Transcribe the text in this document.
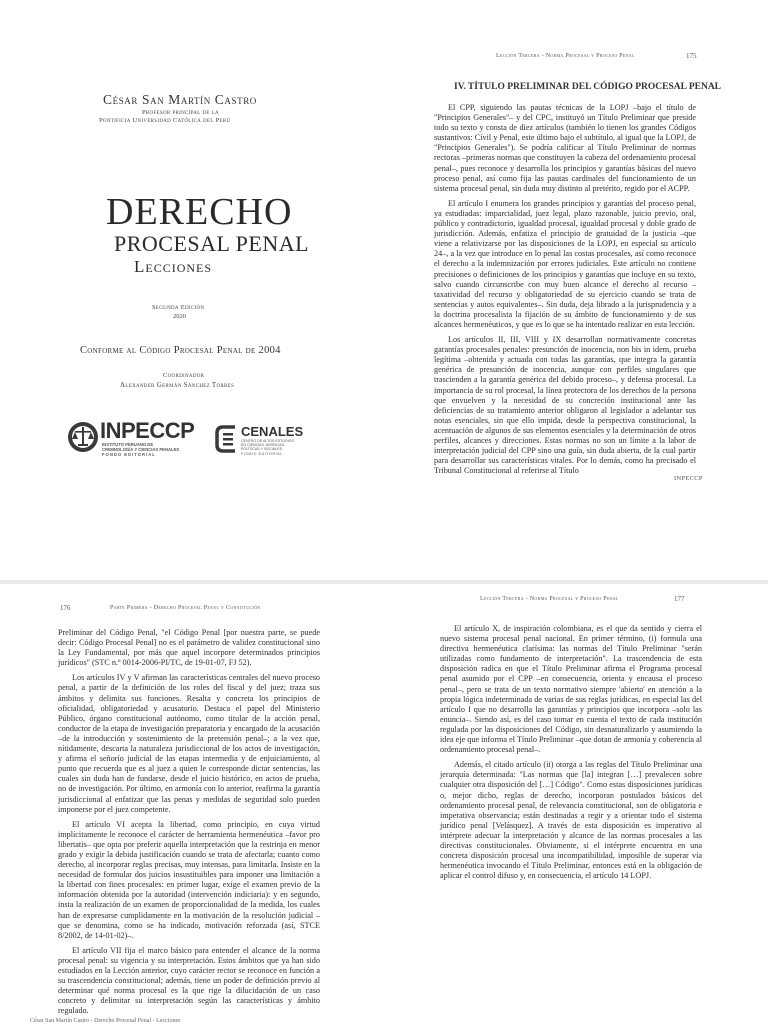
César San Martín Castro
Profesor principal de la
Pontificia Universidad Católica del Perú
DERECHO
PROCESAL PENAL
Lecciones
Segunda Edición
2020
Conforme al Código Procesal Penal de 2004
Coordinador
Alexander Germán Sánchez Torres
INPECCP
INSTITUTO PERUANO DE
CRIMINOLOGÍA Y CIENCIAS PENALES
FONDO EDITORIAL
CENALES
CENTRO DE ALTOS ESTUDIOS
EN CIENCIAS JURÍDICAS,
POLÍTICAS Y SOCIALES
FONDO EDITORIAL
Lección Tercera - Norma Procesal y Proceso Penal	175
IV. TÍTULO PRELIMINAR DEL CÓDIGO PROCESAL PENAL

El CPP, siguiendo las pautas técnicas de la LOPJ –bajo el título de "Principios Generales"– y del CPC, instituyó un Título Preliminar que preside todo su texto y consta de diez artículos (también lo tienen los grandes Códigos sustantivos: Civil y Penal, este último bajo el subtítulo, al igual que la LOPJ, de "Principios Generales"). Se podría calificar al Título Preliminar de normas rectoras –primeras normas que constituyen la cabeza del ordenamiento procesal penal–, pues reconoce y desarrolla los principios y garantías básicas del nuevo proceso penal, así como fija las pautas cardinales del funcionamiento de un sistema procesal penal, sin duda muy distinto al pretérito, regido por el ACPP.

El artículo I enumera los grandes principios y garantías del proceso penal, ya estudiadas: imparcialidad, juez legal, plazo razonable, juicio previo, oral, público y contradictorio, igualdad procesal, igualdad procesal y doble grado de jurisdicción. Además, enfatiza el principio de gratuidad de la justicia –que viene a relativizarse por las disposiciones de la LOPJ, en especial su artículo 24–, a la vez que introduce en lo penal las costas procesales, así como reconoce el derecho a la indemnización por errores judiciales. Este artículo no contiene precisiones o definiciones de los principios y garantías que incluye en su texto, salvo cuando circunscribe con muy buen alcance el derecho al recurso –taxatividad del recurso y obligatoriedad de su ejercicio cuando se trata de sentencias y autos equivalentes–. Sin duda, deja librado a la jurisprudencia y a la doctrina procesalista la fijación de su ámbito de funcionamiento y de sus alcances hermenéuticos, y que es lo que se ha intentado realizar en esta lección.

Los artículos II, III, VIII y IX desarrollan normativamente concretas garantías procesales penales: presunción de inocencia, non bis in idem, prueba legítima –obtenida y actuada con todas las garantías, que integra la garantía genérica de presunción de inocencia, aunque con perfiles singulares que trascienden a la garantía genérica del debido proceso–, y defensa procesal. La importancia de su rol procesal, la línea protectora de los derechos de la persona que envuelven y la necesidad de su concreción institucional ante las deficiencias de su tratamiento anterior obligaron al legislador a adelantar sus notas esenciales, sin que ello impida, desde la perspectiva constitucional, la acentuación de algunos de sus elementos esenciales y la determinación de otros perfiles, alcances y direcciones. Estas normas no son un límite a la labor de interpretación judicial del CPP sino una guía, sin duda abierta, de la cual partir para desarrollar sus características vitales. Por lo demás, como ha precisado el Tribunal Constitucional al referirse al Título

INPECCP
176	Parte Primera - Derecho Procesal Penal y Constitución

Preliminar del Código Penal, "el Código Penal [por nuestra parte, se puede decir: Código Procesal Penal] no es el parámetro de validez constitucional sino la Ley Fundamental, por más que aquel incorpore determinados principios jurídicos" (STC n.º 0014-2006-PI/TC, de 19-01-07, FJ 52).

Los artículos IV y V afirman las características centrales del nuevo proceso penal, a partir de la definición de los roles del fiscal y del juez; traza sus ámbitos y delimita sus funciones. Resalta y concreta los principios de oficialidad, obligatoriedad y acusatorio. Destaca el papel del Ministerio Público, órgano constitucional autónomo, como titular de la acción penal, conductor de la etapa de investigación preparatoria y encargado de la acusación –de la introducción y sostenimiento de la pretensión penal–; a la vez que, nítidamente, descarta la naturaleza jurisdiccional de los actos de investigación, y afirma el señorío judicial de las etapas intermedia y de enjuiciamiento, al punto que recuerda que es al juez a quien le corresponde dictar sentencias, las cuales sin duda han de fundarse, desde el juicio histórico, en actos de prueba, no de investigación. Por último, en armonía con lo anterior, reafirma la garantía jurisdiccional al enfatizar que las penas y medidas de seguridad solo pueden imponerse por el juez competente.

El artículo VI acepta la libertad, como principio, en cuya virtud implícitamente le reconoce el carácter de herramienta hermenéutica –favor pro libertatis– que opta por preferir aquella interpretación que la restrinja en menor grado y exigir la debida justificación cuando se trata de afectarla; cuanto como derecho, al incorporar reglas precisas, muy intensas, para limitarla. Insiste en la necesidad de formular dos juicios insustituibles para imponer una limitación a la libertad con fines procesales: en primer lugar, exige el examen previo de la información obtenida por la autoridad (intervención indiciaria): y en segundo, insta la realización de un examen de proporcionalidad de la medida, los cuales han de expresarse cumplidamente en la motivación de la resolución judicial –que se denomina, como se ha indicado, motivación reforzada (así, STCE 8/2002, de 14-01-02)–.

El artículo VII fija el marco básico para entender el alcance de la norma procesal penal: su vigencia y su interpretación. Estos ámbitos que ya han sido estudiados en la Lección anterior, cuyo carácter rector se reconoce en función a su trascendencia constitucional; además, tiene un poder de definición previo al determinar qué norma procesal es la que rige la dilucidación de un caso concreto y delimitar su interpretación según las características y ámbito regulado.

César San Martín Castro - Derecho Procesal Penal - Lecciones
Lección Tercera - Norma Procesal y Proceso Penal	177

El artículo X, de inspiración colombiana, es el que da sentido y cierra el nuevo sistema procesal penal nacional. En primer término, (i) formula una directiva hermenéutica clarísima: las normas del Título Preliminar "serán utilizadas como fundamento de interpretación". La trascendencia de esta disposición radica en que el Título Preliminar afirma el Programa procesal penal asumido por el CPP –en consecuencia, orienta y encausa el proceso penal–, pero se trata de un texto normativo siempre 'abierto' en atención a la propia lógica indeterminada de varias de sus reglas jurídicas, en especial las del artículo I que no desarrolla las garantías y principios que incorpora –solo las enuncia–. Siendo así, es del caso tomar en cuenta el texto de cada institución regulada por las disposiciones del Código, sin desnaturalizarlo y asumiendo la idea eje que informa el Título Preliminar –que dotan de armonía y coherencia al ordenamiento procesal penal–.

Además, el citado artículo (ii) otorga a las reglas del Título Preliminar una jerarquía determinada: "Las normas que [la] integran […] prevalecen sobre cualquier otra disposición del […] Código". Como estas disposiciones jurídicas o, mejor dicho, reglas de derecho, incorporan postulados básicos del ordenamiento procesal penal, de relevancia constitucional, son de obligatoria e imperativa observancia; están destinadas a regir y a orientar todo el sistema jurídico penal [Velásquez]. A través de esta disposición es imperativo al intérprete adecuar la interpretación y alcance de las normas procesales a las directivas constitucionales. Obviamente, si el intérprete encuentra en una concreta disposición procesal una incompatibilidad, imposible de superar vía hermenéutica invocando el Título Preliminar, entonces está en la obligación de aplicar el control difuso y, en consecuencia, el artículo 14 LOPJ.
